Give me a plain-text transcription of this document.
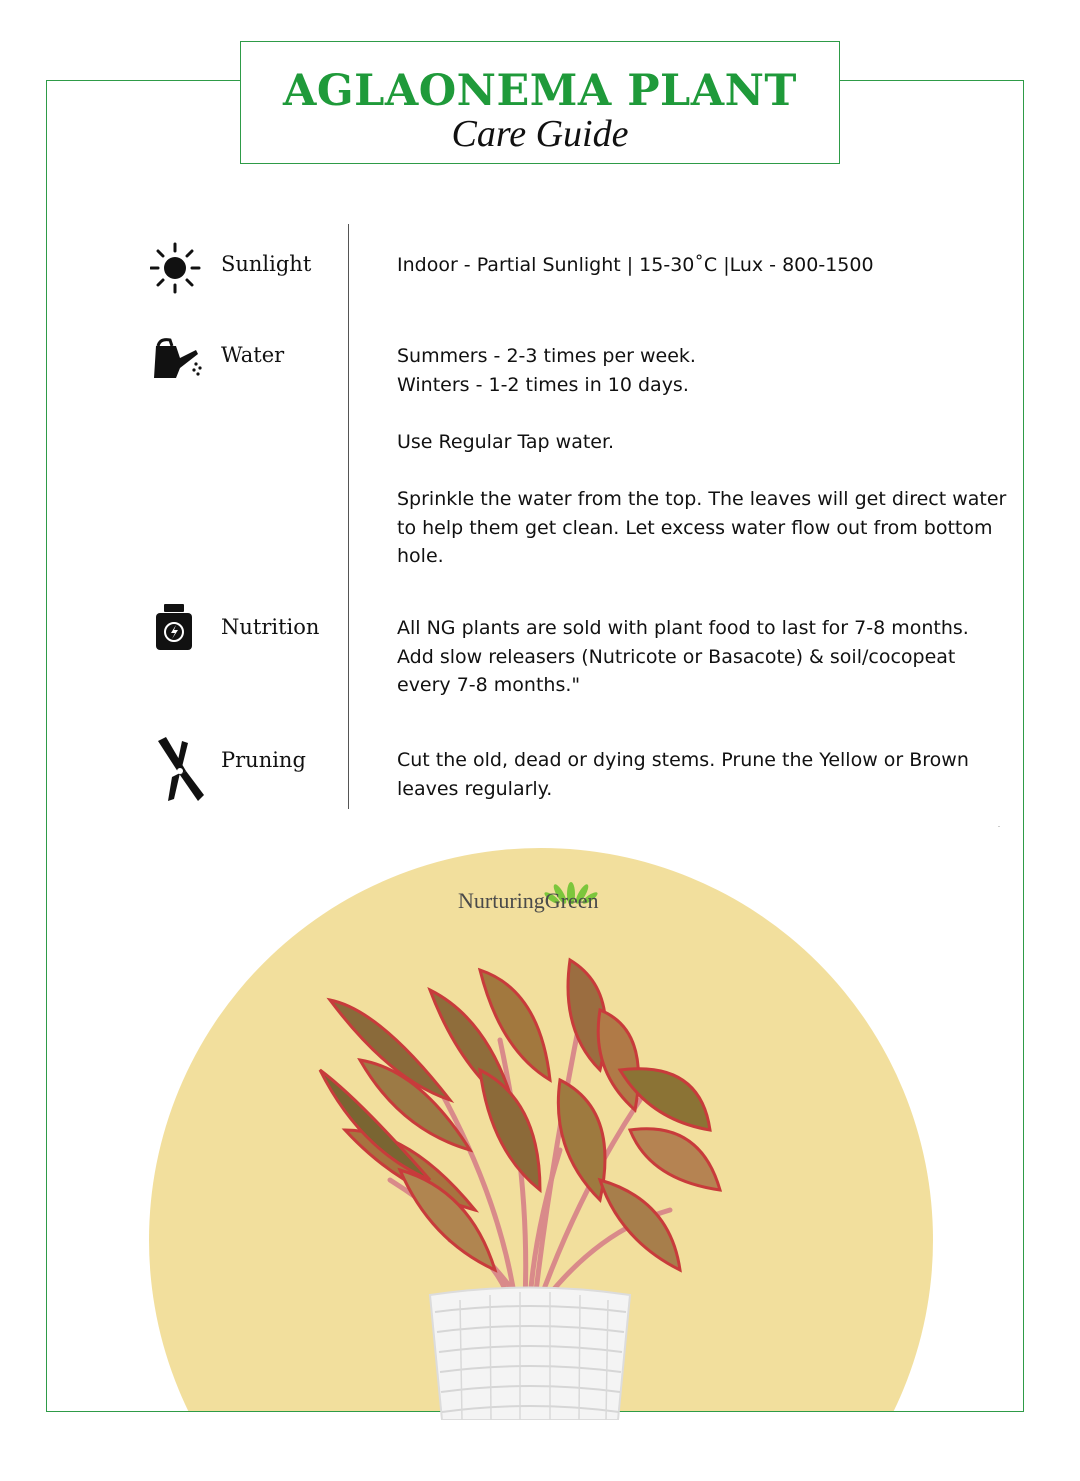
AGLAONEMA PLANT
Care Guide
Sunlight	Indoor - Partial Sunlight | 15-30˚C |Lux - 800-1500
Water	Summers - 2-3 times per week.
Winters - 1-2 times in 10 days.

Use Regular Tap water.

Sprinkle the water from the top. The leaves will get direct water to help them get clean. Let excess water flow out from bottom hole.
Nutrition	All NG plants are sold with plant food to last for 7-8 months. Add slow releasers (Nutricote or Basacote) & soil/cocopeat every 7-8 months."
Pruning	Cut the old, dead or dying stems. Prune the Yellow or Brown leaves regularly.
NurturingGreen
